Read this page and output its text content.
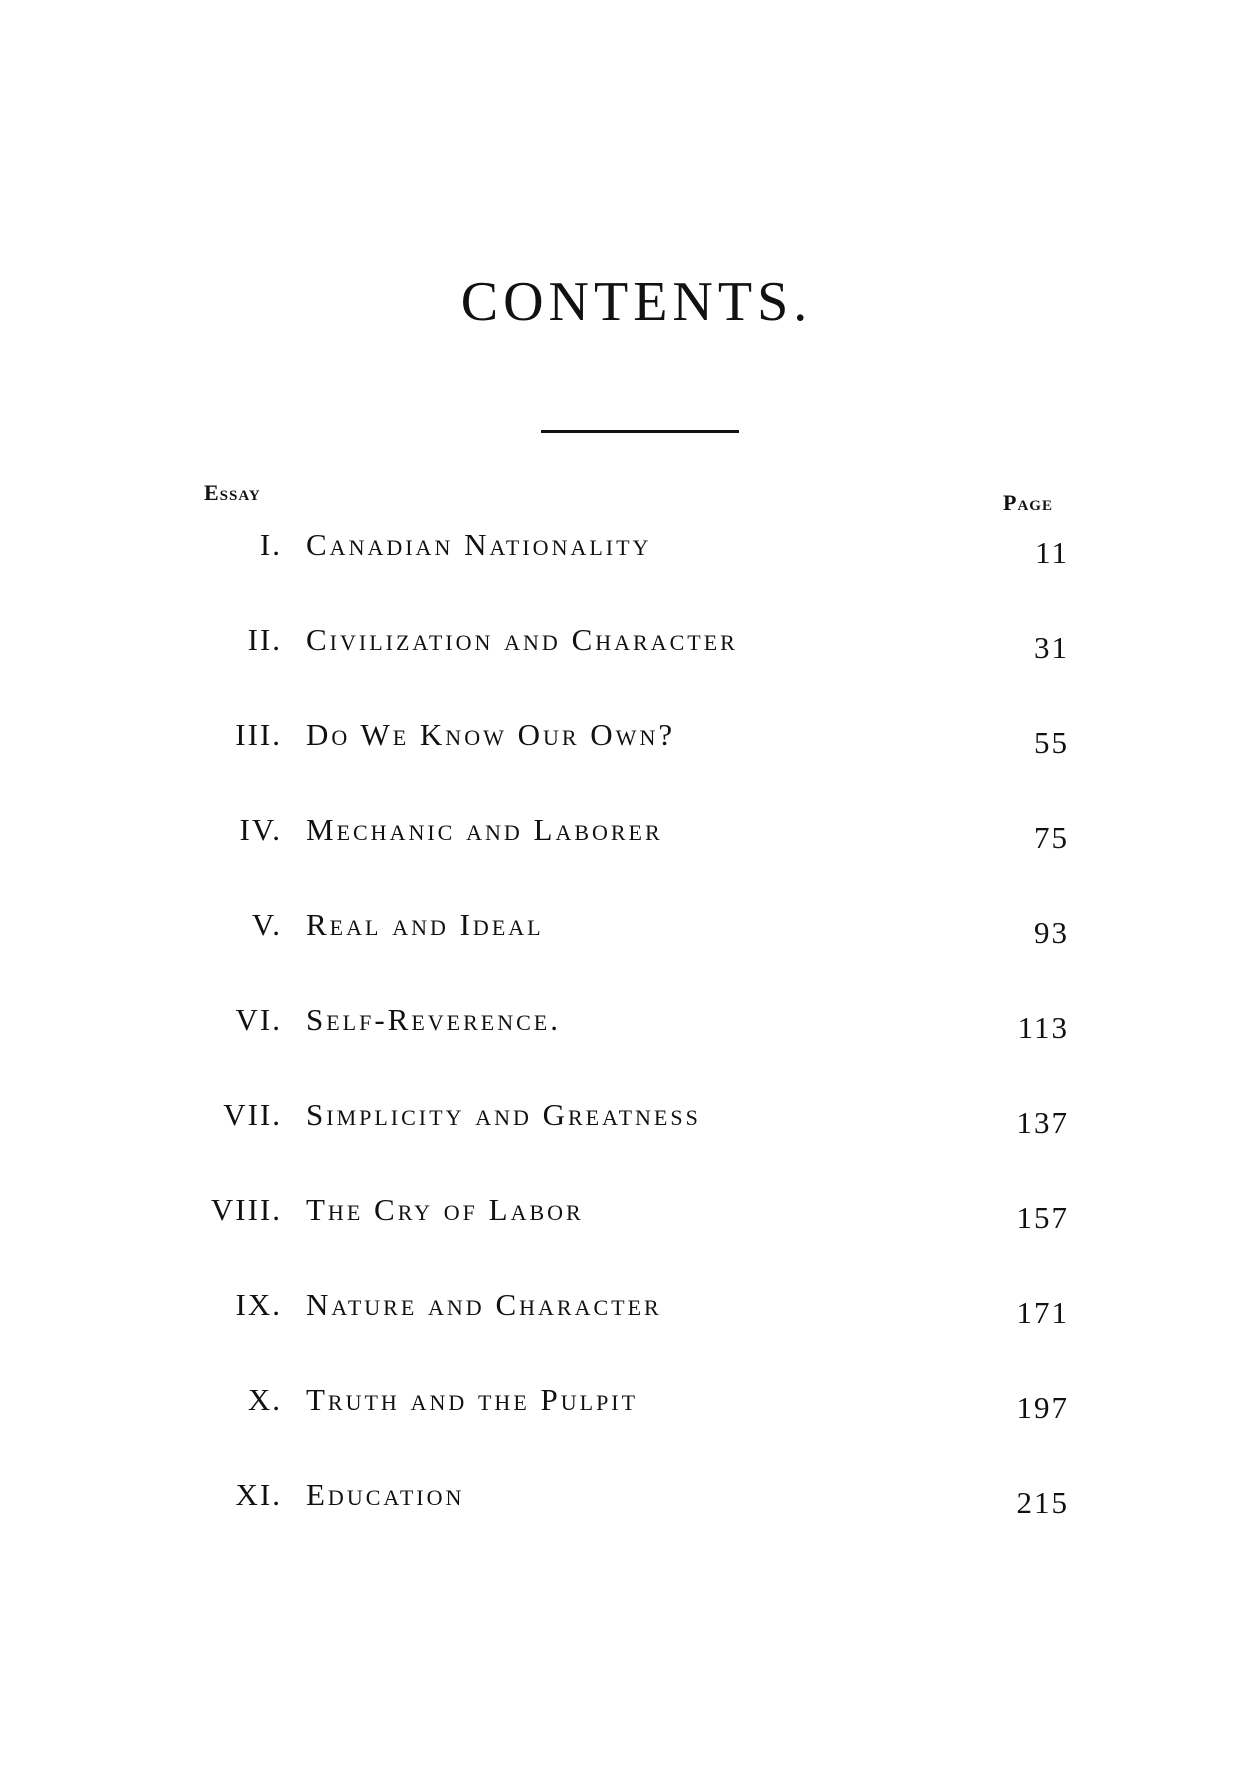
CONTENTS.
Essay	Page
I. Canadian Nationality	11
II. Civilization and Character	31
III. Do We Know Our Own?	55
IV. Mechanic and Laborer	75
V. Real and Ideal	93
VI. Self-Reverence.	113
VII. Simplicity and Greatness	137
VIII. The Cry of Labor	157
IX. Nature and Character	171
X. Truth and the Pulpit	197
XI. Education	215
